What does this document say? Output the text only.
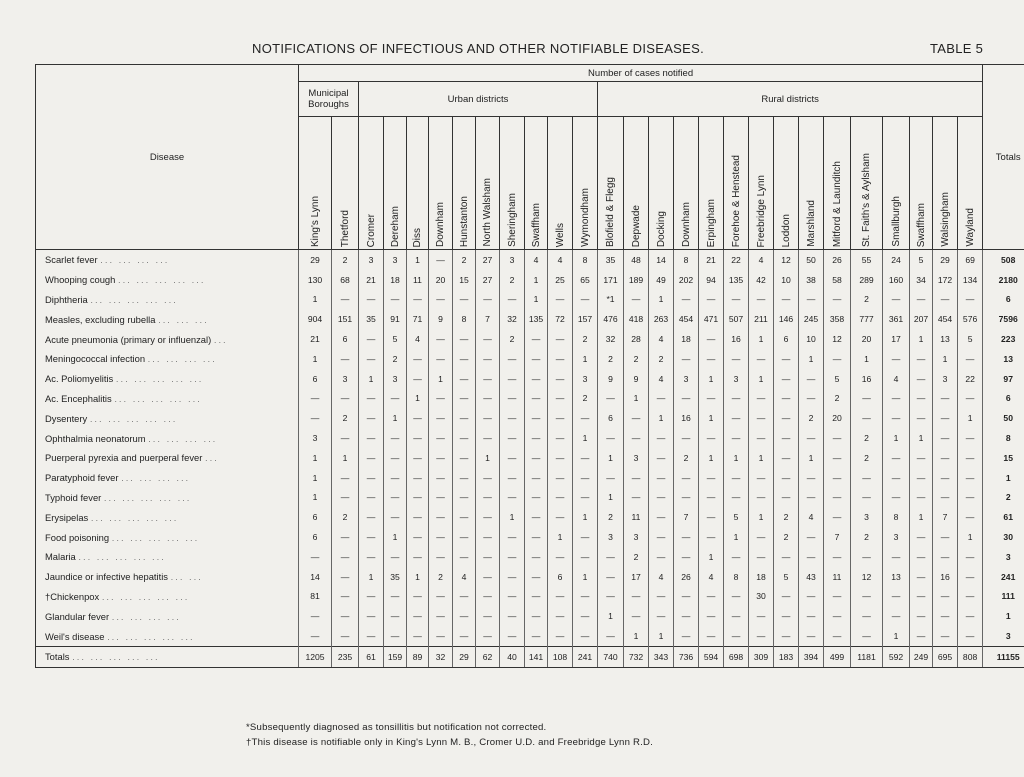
NOTIFICATIONS OF INFECTIOUS AND OTHER NOTIFIABLE DISEASES.	TABLE 5
Disease	Number of cases notified																											Totals
	Municipal Boroughs		Urban districts										Rural districts															
	King's Lynn	Thetford	Cromer	Dereham	Diss	Downham	Hunstanton	North Walsham	Sheringham	Swaffham	Wells	Wymondham	Blofield & Flegg	Depwade	Docking	Downham	Erpingham	Forehoe & Henstead	Freebridge Lynn	Loddon	Marshland	Mitford & Launditch	St. Faith's & Aylsham	Smallburgh	Swaffham	Walsingham	Wayland	
Scarlet fever ... ... ... ...	29	2	3	3	1	—	2	27	3	4	4	8	35	48	14	8	21	22	4	12	50	26	55	24	5	29	69	508
Whooping cough ... ... ... ... ...	130	68	21	18	11	20	15	27	2	1	25	65	171	189	49	202	94	135	42	10	38	58	289	160	34	172	134	2180
Diphtheria ... ... ... ... ...	1	—	—	—	—	—	—	—	—	1	—	—	*1	—	1	—	—	—	—	—	—	—	2	—	—	—	—	6
Measles, excluding rubella ... ... ...	904	151	35	91	71	9	8	7	32	135	72	157	476	418	263	454	471	507	211	146	245	358	777	361	207	454	576	7596
Acute pneumonia (primary or influenzal) ...	21	6	—	5	4	—	—	—	2	—	—	2	32	28	4	18	—	16	1	6	10	12	20	17	1	13	5	223
Meningococcal infection ... ... ... ...	1	—	—	2	—	—	—	—	—	—	—	1	2	2	2	—	—	—	—	—	1	—	1	—	—	1	—	13
Ac. Poliomyelitis ... ... ... ... ...	6	3	1	3	—	1	—	—	—	—	—	3	9	9	4	3	1	3	1	—	—	5	16	4	—	3	22	97
Ac. Encephalitis ... ... ... ... ...	—	—	—	—	1	—	—	—	—	—	—	2	—	1	—	—	—	—	—	—	—	2	—	—	—	—	—	6
Dysentery ... ... ... ... ...	—	2	—	1	—	—	—	—	—	—	—	—	6	—	1	16	1	—	—	—	2	20	—	—	—	—	1	50
Ophthalmia neonatorum ... ... ... ...	3	—	—	—	—	—	—	—	—	—	—	1	—	—	—	—	—	—	—	—	—	—	2	1	1	—	—	8
Puerperal pyrexia and puerperal fever ...	1	1	—	—	—	—	—	1	—	—	—	—	1	3	—	2	1	1	1	—	1	—	2	—	—	—	—	15
Paratyphoid fever ... ... ... ...	1	—	—	—	—	—	—	—	—	—	—	—	—	—	—	—	—	—	—	—	—	—	—	—	—	—	—	1
Typhoid fever ... ... ... ... ...	1	—	—	—	—	—	—	—	—	—	—	—	1	—	—	—	—	—	—	—	—	—	—	—	—	—	—	2
Erysipelas ... ... ... ... ...	6	2	—	—	—	—	—	—	1	—	—	1	2	11	—	7	—	5	1	2	4	—	3	8	1	7	—	61
Food poisoning ... ... ... ... ...	6	—	—	1	—	—	—	—	—	—	1	—	3	3	—	—	—	1	—	2	—	7	2	3	—	—	1	30
Malaria ... ... ... ... ...	—	—	—	—	—	—	—	—	—	—	—	—	—	2	—	—	1	—	—	—	—	—	—	—	—	—	—	3
Jaundice or infective hepatitis ... ...	14	—	1	35	1	2	4	—	—	—	6	1	—	17	4	26	4	8	18	5	43	11	12	13	—	16	—	241
†Chickenpox ... ... ... ... ...	81	—	—	—	—	—	—	—	—	—	—	—	—	—	—	—	—	—	30	—	—	—	—	—	—	—	—	111
Glandular fever ... ... ... ...	—	—	—	—	—	—	—	—	—	—	—	—	1	—	—	—	—	—	—	—	—	—	—	—	—	—	—	1
Weil's disease ... ... ... ... ...	—	—	—	—	—	—	—	—	—	—	—	—	—	1	1	—	—	—	—	—	—	—	—	1	—	—	—	3
Totals ... ... ... ... ...	1205	235	61	159	89	32	29	62	40	141	108	241	740	732	343	736	594	698	309	183	394	499	1181	592	249	695	808	11155
*Subsequently diagnosed as tonsillitis but notification not corrected.
†This disease is notifiable only in King's Lynn M. B., Cromer U.D. and Freebridge Lynn R.D.
